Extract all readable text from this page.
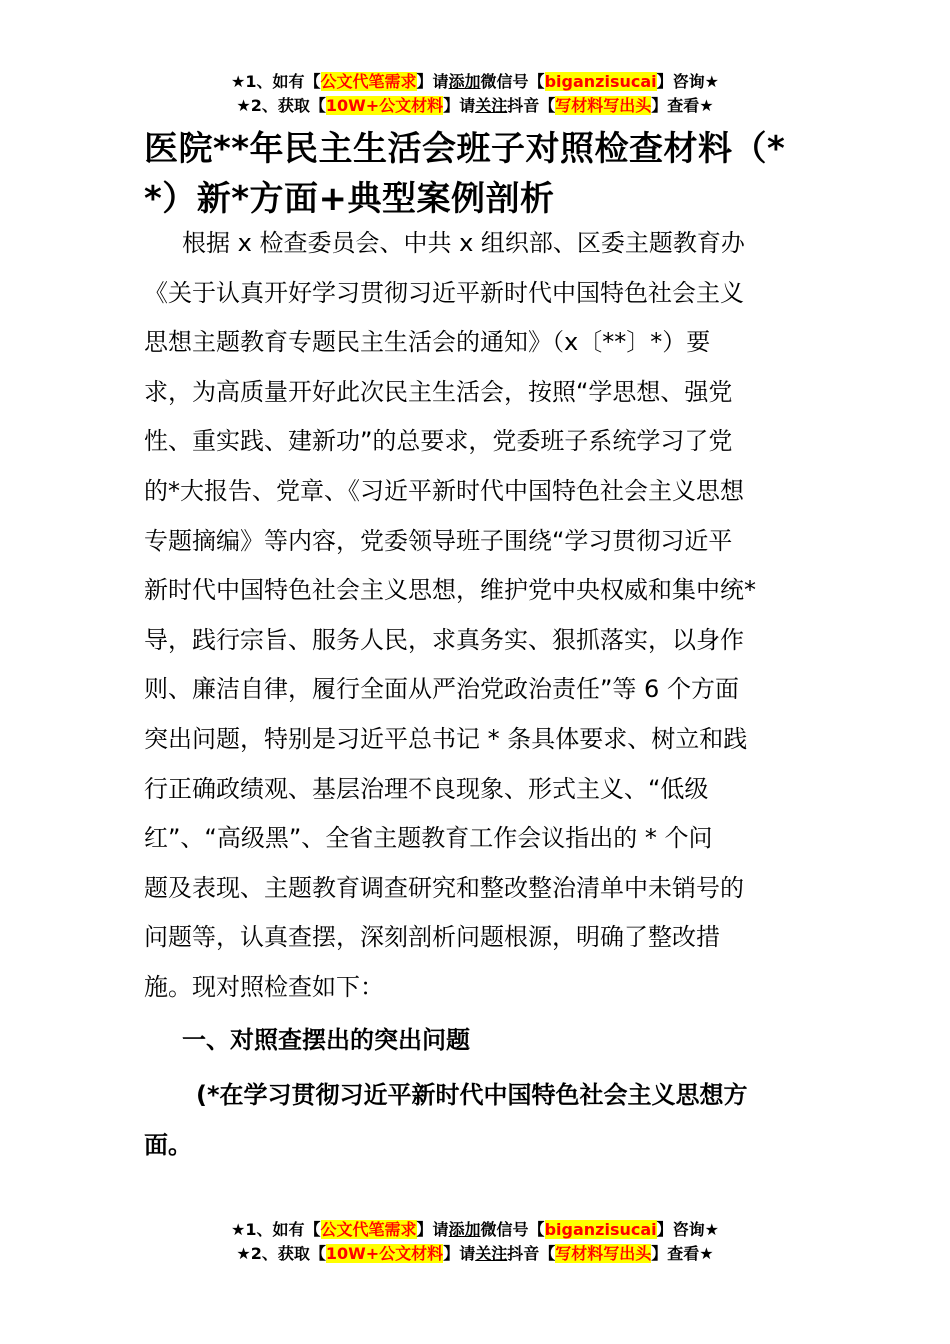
★1、如有【公文代笔需求】请添加微信号【biganzisucai】咨询★
★2、获取【10W+公文材料】请关注抖音【写材料写出头】查看★
医院**年民主生活会班子对照检查材料（*
*）新*方面+典型案例剖析
根据 x 检查委员会、中共 x 组织部、区委主题教育办
《关于认真开好学习贯彻习近平新时代中国特色社会主义
思想主题教育专题民主生活会的通知》（x〔**〕*）要
求，为高质量开好此次民主生活会，按照“学思想、强党
性、重实践、建新功”的总要求，党委班子系统学习了党
的*大报告、党章、《习近平新时代中国特色社会主义思想
专题摘编》等内容，党委领导班子围绕“学习贯彻习近平
新时代中国特色社会主义思想，维护党中央权威和集中统*
导，践行宗旨、服务人民，求真务实、狠抓落实，以身作
则、廉洁自律，履行全面从严治党政治责任”等 6 个方面
突出问题，特别是习近平总书记 * 条具体要求、树立和践
行正确政绩观、基层治理不良现象、形式主义、“低级
红”、“高级黑”、全省主题教育工作会议指出的 * 个问
题及表现、主题教育调查研究和整改整治清单中未销号的
问题等，认真查摆，深刻剖析问题根源，明确了整改措
施。现对照检查如下：
一、对照查摆出的突出问题
(*在学习贯彻习近平新时代中国特色社会主义思想方
面。
★1、如有【公文代笔需求】请添加微信号【biganzisucai】咨询★
★2、获取【10W+公文材料】请关注抖音【写材料写出头】查看★
